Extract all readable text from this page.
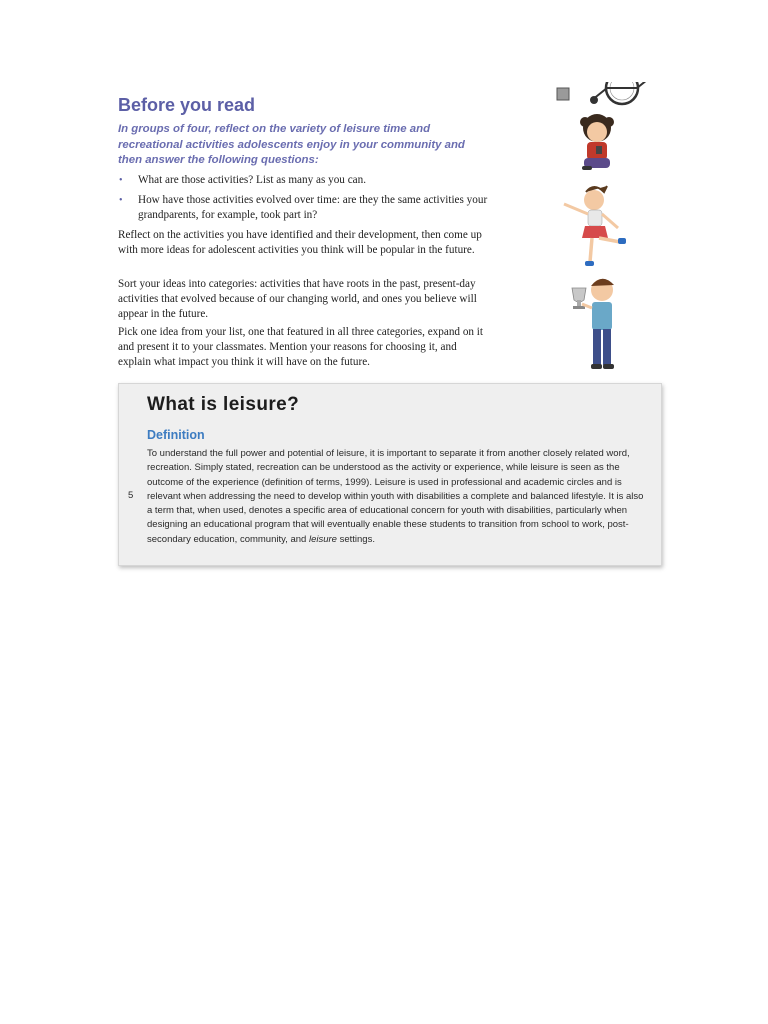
Before you read

In groups of four, reflect on the variety of leisure time and recreational activities adolescents enjoy in your community and then answer the following questions:

• What are those activities? List as many as you can.
• How have those activities evolved over time: are they the same activities your grandparents, for example, took part in?

Reflect on the activities you have identified and their development, then come up with more ideas for adolescent activities you think will be popular in the future.

Sort your ideas into categories: activities that have roots in the past, present-day activities that evolved because of our changing world, and ones you believe will appear in the future.

Pick one idea from your list, one that featured in all three categories, expand on it and present it to your classmates. Mention your reasons for choosing it, and explain what impact you think it will have on the future.

What is leisure?
Definition
5

To understand the full power and potential of leisure, it is important to separate it from another closely related word, recreation. Simply stated, recreation can be understood as the activity or experience, while leisure is seen as the outcome of the experience (definition of terms, 1999). Leisure is used in professional and academic circles and is relevant when addressing the need to develop within youth with disabilities a complete and balanced lifestyle. It is also a term that, when used, denotes a specific area of educational concern for youth with disabilities, particularly when designing an educational program that will eventually enable these students to transition from school to work, post-secondary education, community, and leisure settings.
